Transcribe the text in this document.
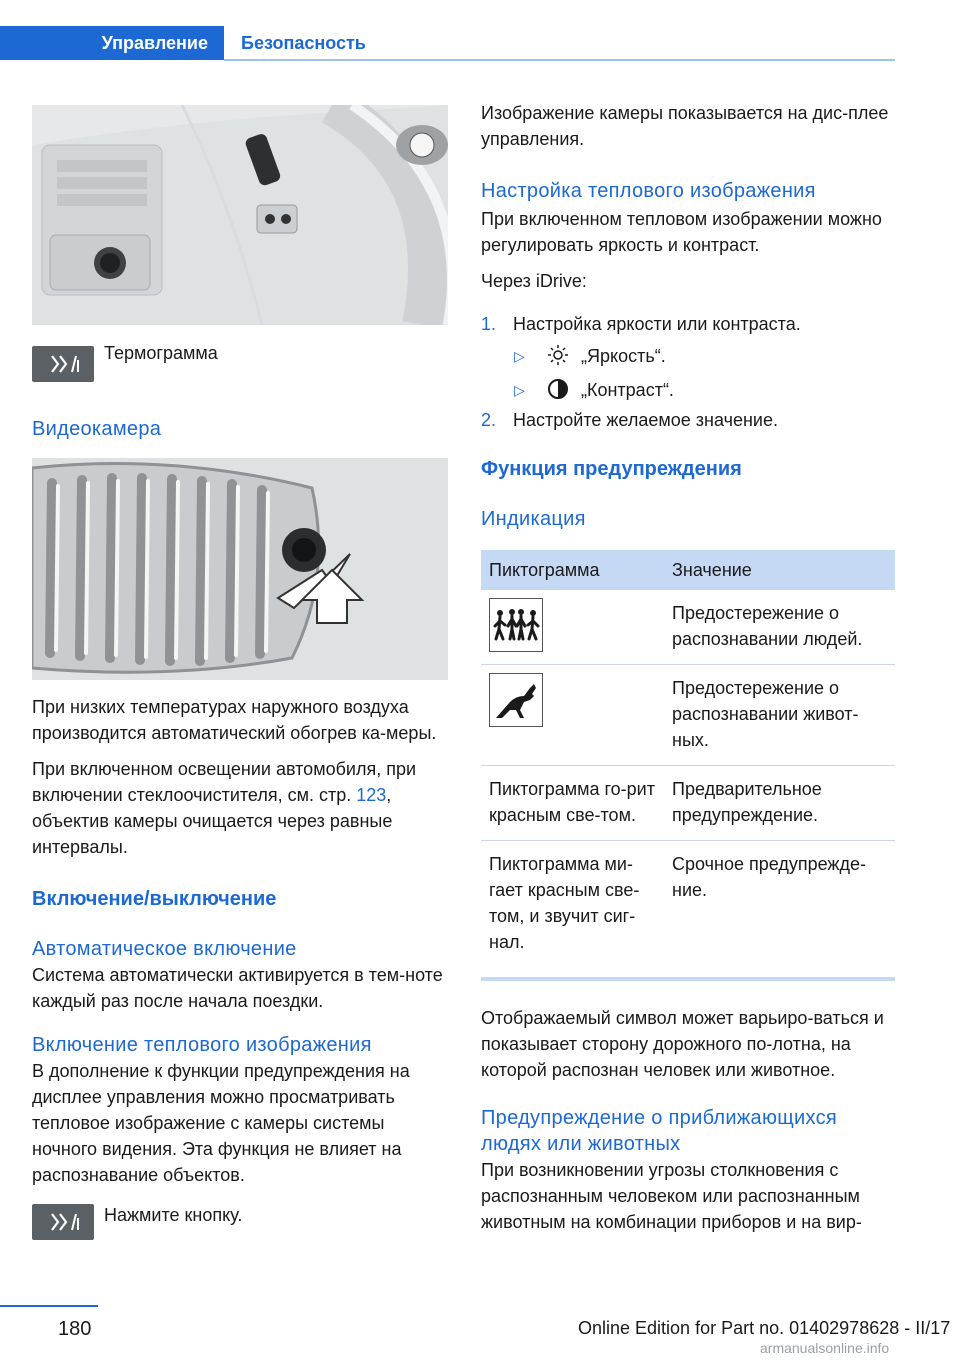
Управление Безопасность

Термограмма

Видеокамера

При низких температурах наружного воздуха производится автоматический обогрев ка-меры.

При включенном освещении автомобиля, при включении стеклоочистителя, см. стр. 123, объектив камеры очищается через равные интервалы.

Включение/выключение
Автоматическое включение

Система автоматически активируется в тем-ноте каждый раз после начала поездки.

Включение теплового изображения

В дополнение к функции предупреждения на дисплее управления можно просматривать тепловое изображение с камеры системы ночного видения. Эта функция не влияет на распознавание объектов.

Нажмите кнопку.

Изображение камеры показывается на дис-плее управления.

Настройка теплового изображения

При включенном тепловом изображении можно регулировать яркость и контраст.

Через iDrive:

1. Настройка яркости или контраста.
▷	„Яркость“.
▷	„Контраст“.
2. Настройте желаемое значение.
Функция предупреждения
Индикация
Пиктограмма	Значение

	Предостережение о распознавании людей.

	Предостережение о распознавании живот-ных.
Пиктограмма го-рит красным све-том.	Предварительное предупреждение.
Пиктограмма ми-гает красным све-том, и звучит сиг-нал.	Срочное предупрежде-ние.

Отображаемый символ может варьиро-ваться и показывает сторону дорожного по-лотна, на которой распознан человек или животное.

Предупреждение о приближающихся людях или животных

При возникновении угрозы столкновения с распознанным человеком или распознанным животным на комбинации приборов и на вир-

180	Online Edition for Part no. 01402978628 - II/17
armanualsonline.info
